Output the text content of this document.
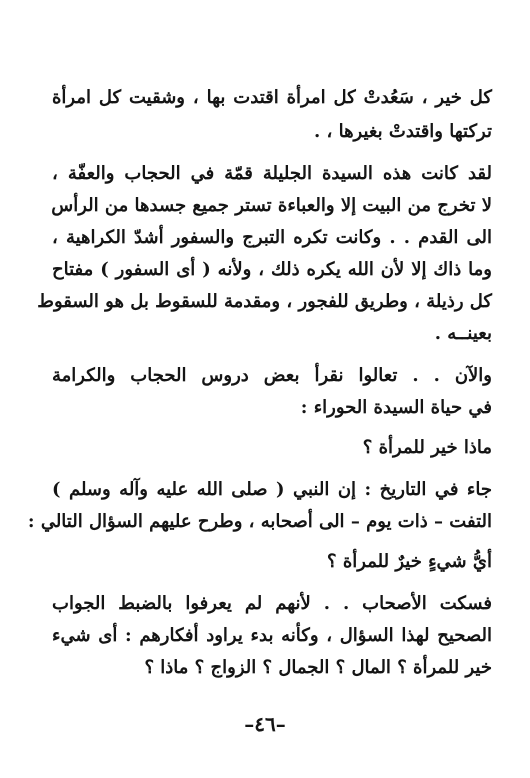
كل خير ، سَعُدتْ كل امرأة اقتدت بها ، وشقيت كل امرأة
تركتها واقتدتْ بغيرها ، .
لقد كانت هذه السيدة الجليلة قمّة في الحجاب والعفّة ،
لا تخرج من البيت إلا والعباءة تستر جميع جسدها من الرأس
الى القدم . . وكانت تكره التبرج والسفور أشدّ الكراهية ،
وما ذاك إلا لأن الله يكره ذلك ، ولأنه ( أى السفور ) مفتاح
كل رذيلة ، وطريق للفجور ، ومقدمة للسقوط بل هو السقوط
بعينــه .
والآن . . تعالوا نقرأ بعض دروس الحجاب والكرامة
في حياة السيدة الحوراء :
ماذا خير للمرأة ؟
جاء في التاريخ : إن النبي ( صلى الله عليه وآله وسلم )
التفت – ذات يوم – الى أصحابه ، وطرح عليهم السؤال التالي :
أيُّ شيءٍ خيرٌ للمرأة ؟
فسكت الأصحاب . . لأنهم لم يعرفوا بالضبط الجواب
الصحيح لهذا السؤال ، وكأنه بدء يراود أفكارهم : أى شيء
خير للمرأة ؟ المال ؟ الجمال ؟ الزواج ؟ ماذا ؟
–٤٦–
